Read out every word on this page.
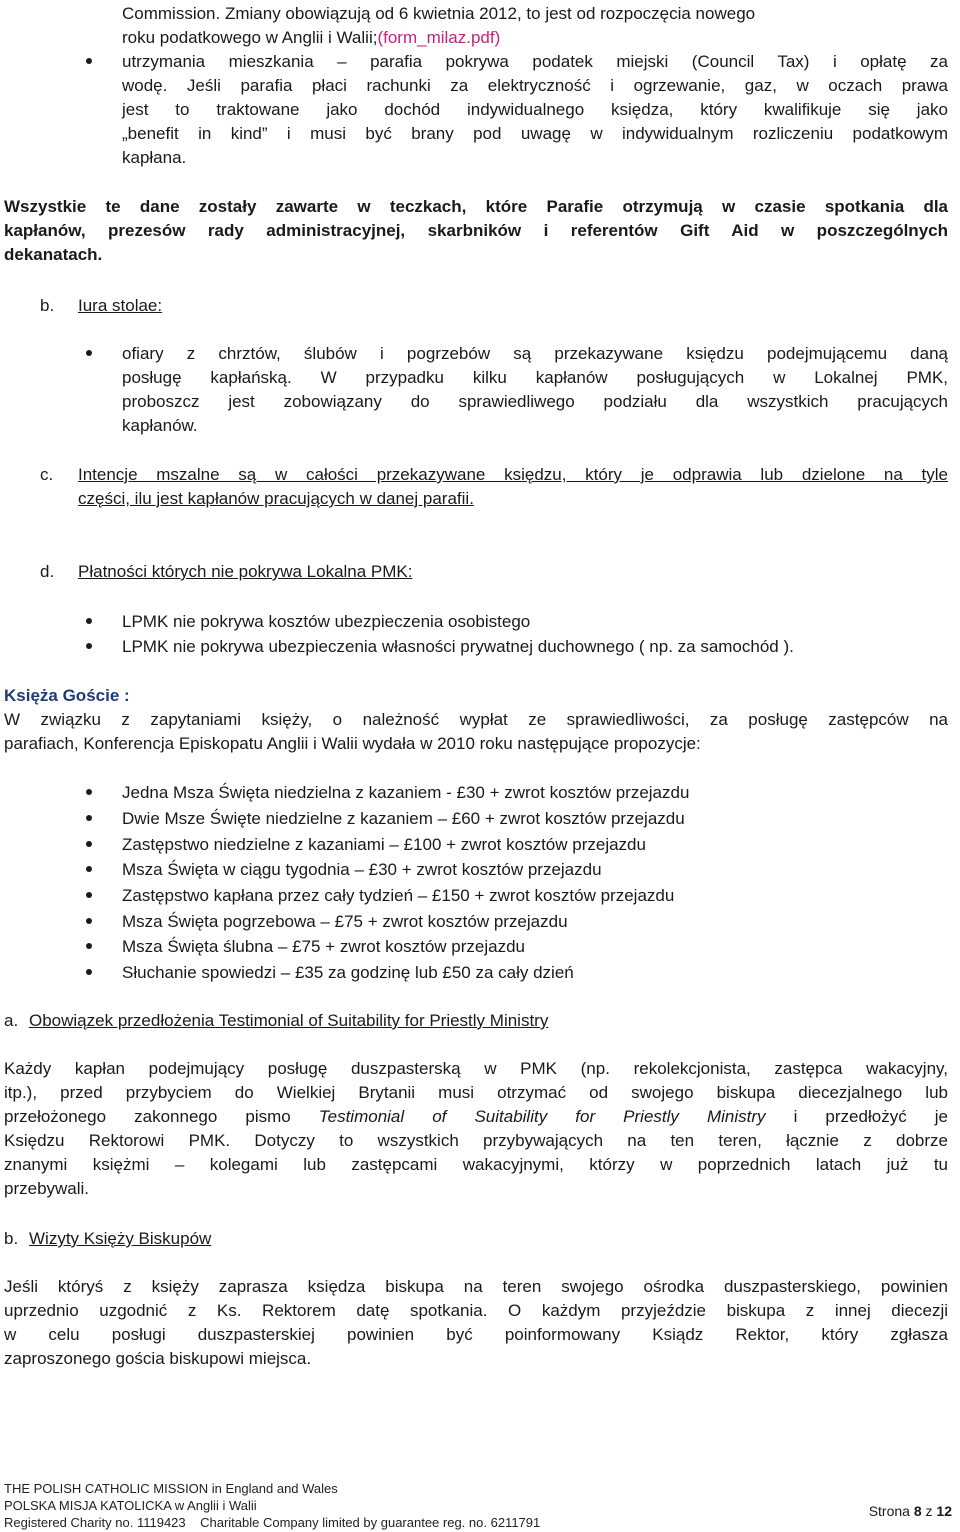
Commission. Zmiany obowiązują od 6 kwietnia 2012, to jest od rozpoczęcia nowego
roku podatkowego w Anglii i Walii;(form_milaz.pdf)
utrzymania mieszkania – parafia pokrywa podatek miejski (Council Tax) i opłatę za
wodę. Jeśli parafia płaci rachunki za elektryczność i ogrzewanie, gaz, w oczach prawa
jest to traktowane jako dochód indywidualnego księdza, który kwalifikuje się jako
„benefit in kind” i musi być brany pod uwagę w indywidualnym rozliczeniu podatkowym
kapłana.
Wszystkie te dane zostały zawarte w teczkach, które Parafie otrzymują w czasie spotkania dla
kapłanów, prezesów rady administracyjnej, skarbników i referentów Gift Aid w poszczególnych
dekanatach.
b. Iura stolae:
ofiary z chrztów, ślubów i pogrzebów są przekazywane księdzu podejmującemu daną
posługę kapłańską. W przypadku kilku kapłanów posługujących w Lokalnej PMK,
proboszcz jest zobowiązany do sprawiedliwego podziału dla wszystkich pracujących
kapłanów.
c. Intencje mszalne są w całości przekazywane księdzu, który je odprawia lub dzielone na tyle
części, ilu jest kapłanów pracujących w danej parafii.
d. Płatności których nie pokrywa Lokalna PMK:
LPMK nie pokrywa kosztów ubezpieczenia osobistego
LPMK nie pokrywa ubezpieczenia własności prywatnej duchownego ( np. za samochód ).
Księża Goście :
W związku z zapytaniami księży, o należność wypłat ze sprawiedliwości, za posługę zastępców na
parafiach, Konferencja Episkopatu Anglii i Walii wydała w 2010 roku następujące propozycje:
Jedna Msza Święta niedzielna z kazaniem - £30 + zwrot kosztów przejazdu
Dwie Msze Święte niedzielne z kazaniem – £60 + zwrot kosztów przejazdu
Zastępstwo niedzielne z kazaniami – £100 + zwrot kosztów przejazdu
Msza Święta w ciągu tygodnia – £30 + zwrot kosztów przejazdu
Zastępstwo kapłana przez cały tydzień – £150 + zwrot kosztów przejazdu
Msza Święta pogrzebowa – £75 + zwrot kosztów przejazdu
Msza Święta ślubna – £75 + zwrot kosztów przejazdu
Słuchanie spowiedzi – £35 za godzinę lub £50 za cały dzień
a. Obowiązek przedłożenia Testimonial of Suitability for Priestly Ministry
Każdy kapłan podejmujący posługę duszpasterską w PMK (np. rekolekcjonista, zastępca wakacyjny,
itp.), przed przybyciem do Wielkiej Brytanii musi otrzymać od swojego biskupa diecezjalnego lub
przełożonego zakonnego pismo Testimonial of Suitability for Priestly Ministry i przedłożyć je
Księdzu Rektorowi PMK. Dotyczy to wszystkich przybywających na ten teren, łącznie z dobrze
znanymi księżmi – kolegami lub zastępcami wakacyjnymi, którzy w poprzednich latach już tu
przebywali.
b. Wizyty Księży Biskupów
Jeśli któryś z księży zaprasza księdza biskupa na teren swojego ośrodka duszpasterskiego, powinien
uprzednio uzgodnić z Ks. Rektorem datę spotkania. O każdym przyjeździe biskupa z innej diecezji
w celu posługi duszpasterskiej powinien być poinformowany Ksiądz Rektor, który zgłasza
zaproszonego gościa biskupowi miejsca.
THE POLISH CATHOLIC MISSION in England and Wales
POLSKA MISJA KATOLICKA w Anglii i Walii
Registered Charity no. 1119423 Charitable Company limited by guarantee reg. no. 6211791
Strona 8 z 12
